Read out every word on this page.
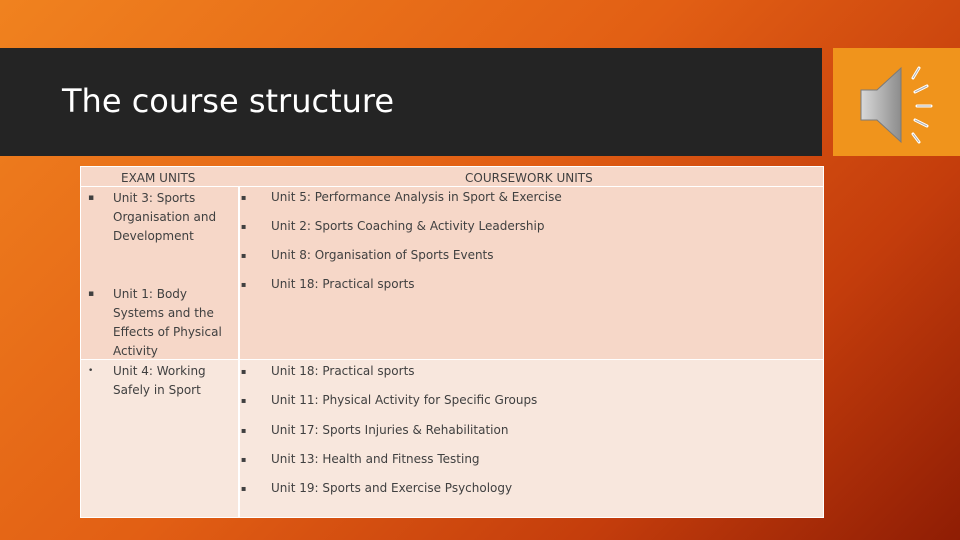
The course structure
EXAM UNITS	COURSEWORK UNITS
▪ Unit 3: Sports Organisation and Development
▪ Unit 1: Body Systems and the Effects of Physical Activity
• Unit 4: Working Safely in Sport
▪ Unit 5: Performance Analysis in Sport & Exercise
▪ Unit 2: Sports Coaching & Activity Leadership
▪ Unit 8: Organisation of Sports Events
▪ Unit 18: Practical sports
▪ Unit 18: Practical sports
▪ Unit 11: Physical Activity for Specific Groups
▪ Unit 17: Sports Injuries & Rehabilitation
▪ Unit 13: Health and Fitness Testing
▪ Unit 19: Sports and Exercise Psychology
